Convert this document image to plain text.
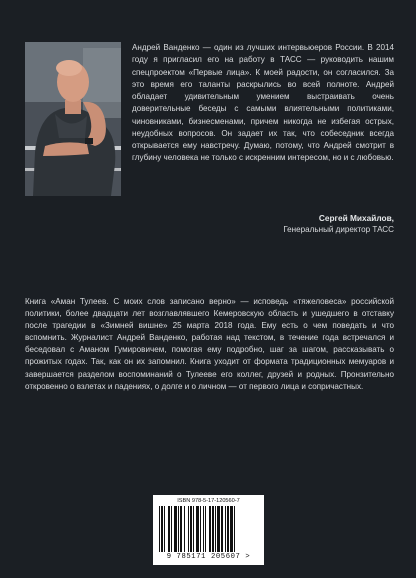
Андрей Ванденко — один из лучших интервьюеров России. В 2014 году я пригласил его на работу в ТАСС — руководить нашим спецпроектом «Первые лица». К моей радости, он согласился. За это время его таланты раскрылись во всей полноте. Андрей обладает удивительным умением выстраивать очень доверительные беседы с самыми влиятельными политиками, чиновниками, бизнесменами, причем никогда не избегая острых, неудобных вопросов. Он задает их так, что собеседник всегда открывается ему навстречу. Думаю, потому, что Андрей смотрит в глубину человека не только с искренним интересом, но и с любовью.

Сергей Михайлов,
Генеральный директор ТАСС

Книга «Аман Тулеев. С моих слов записано верно» — исповедь «тяжеловеса» российской политики, более двадцати лет возглавлявшего Кемеровскую область и ушедшего в отставку после трагедии в «Зимней вишне» 25 марта 2018 года. Ему есть о чем поведать и что вспомнить. Журналист Андрей Ванденко, работая над текстом, в течение года встречался и беседовал с Аманом Гумировичем, помогая ему подробно, шаг за шагом, рассказывать о прожитых годах. Так, как он их запомнил. Книга уходит от формата традиционных мемуаров и завершается разделом воспоминаний о Тулееве его коллег, друзей и родных. Пронзительно откровенно о взлетах и падениях, о долге и о личном — от первого лица и сопричастных.

ISBN 978-5-17-120560-7
9 785171 205607 >
